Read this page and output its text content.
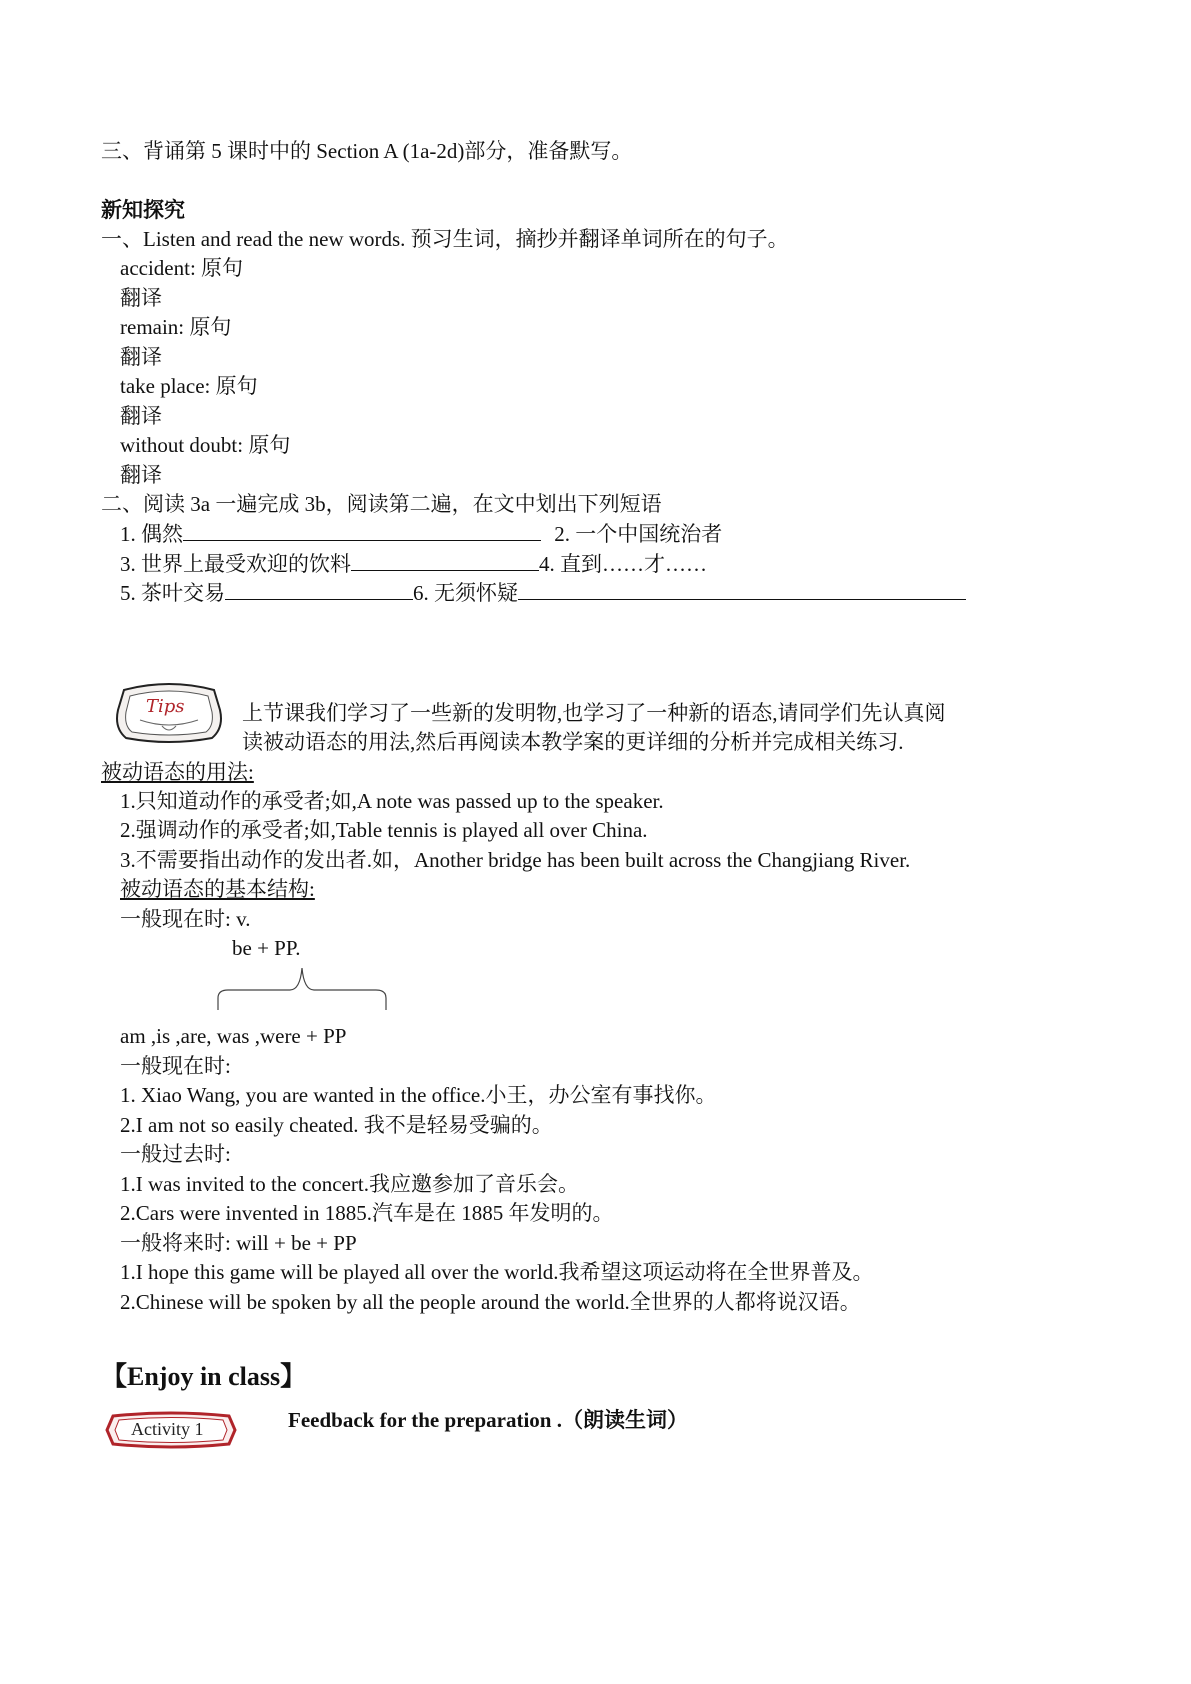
三、背诵第 5 课时中的 Section A (1a-2d)部分，准备默写。
新知探究
一、Listen and read the new words. 预习生词，摘抄并翻译单词所在的句子。
accident: 原句
翻译
remain: 原句
翻译
take place: 原句
翻译
without doubt: 原句
翻译
二、阅读 3a 一遍完成 3b，阅读第二遍，在文中划出下列短语
1. 偶然	2. 一个中国统治者
3. 世界上最受欢迎的饮料	4. 直到……才……
5. 茶叶交易	6. 无须怀疑
Tips	上节课我们学习了一些新的发明物,也学习了一种新的语态,请同学们先认真阅
读被动语态的用法,然后再阅读本教学案的更详细的分析并完成相关练习.
被动语态的用法:
1.只知道动作的承受者;如,A note was passed up to the speaker.
2.强调动作的承受者;如,Table tennis is played all over China.
3.不需要指出动作的发出者.如，Another bridge has been built across the Changjiang River.
被动语态的基本结构:
一般现在时: v.
be + PP.
am ,is ,are, was ,were + PP
一般现在时:
1. Xiao Wang, you are wanted in the office.小王，办公室有事找你。
2.I am not so easily cheated. 我不是轻易受骗的。
一般过去时:
1.I was invited to the concert.我应邀参加了音乐会。
2.Cars were invented in 1885.汽车是在 1885 年发明的。
一般将来时: will + be + PP
1.I hope this game will be played all over the world.我希望这项运动将在全世界普及。
2.Chinese will be spoken by all the people around the world.全世界的人都将说汉语。
【Enjoy in class】
Activity 1	Feedback for the preparation .（朗读生词）
